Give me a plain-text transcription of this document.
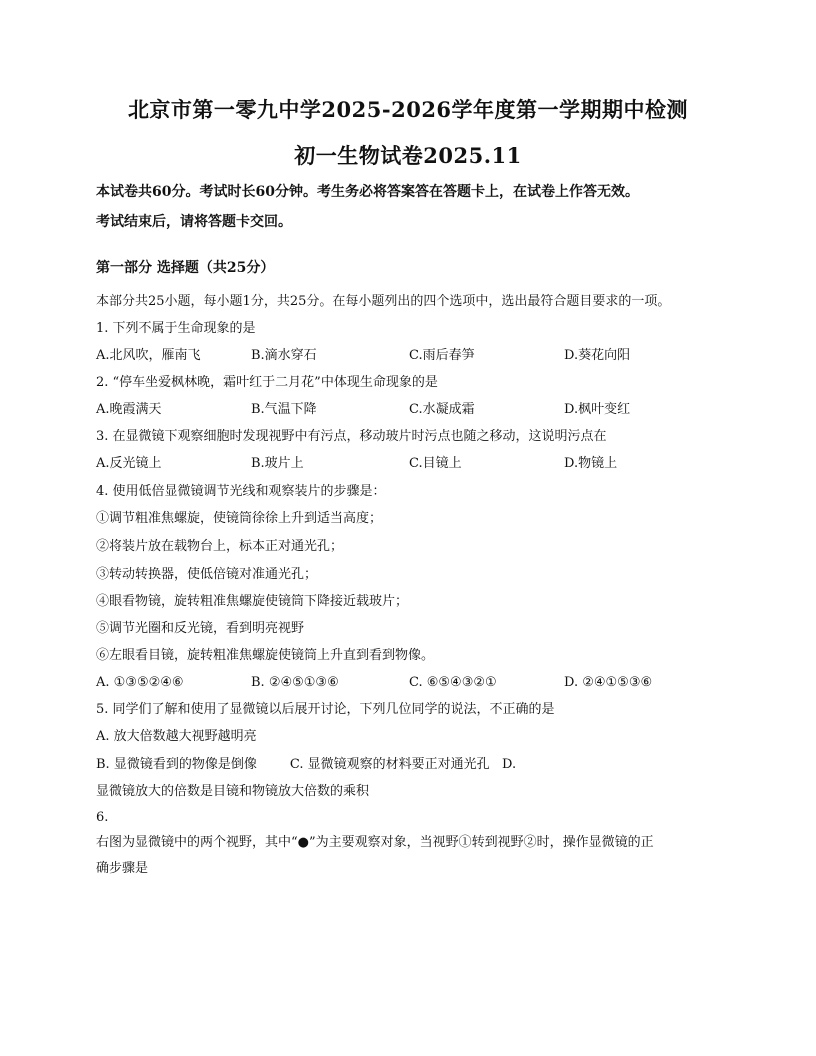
北京市第一零九中学2025-2026学年度第一学期期中检测
初一生物试卷2025.11
本试卷共60分。考试时长60分钟。考生务必将答案答在答题卡上，在试卷上作答无效。
考试结束后，请将答题卡交回。
第一部分 选择题（共25分）
本部分共25小题，每小题1分，共25分。在每小题列出的四个选项中，选出最符合题目要求的一项。
1. 下列不属于生命现象的是
A.北风吹，雁南飞	B.滴水穿石	C.雨后春笋	D.葵花向阳
2. “停车坐爱枫林晚，霜叶红于二月花”中体现生命现象的是
A.晚霞满天	B.气温下降	C.水凝成霜	D.枫叶变红
3. 在显微镜下观察细胞时发现视野中有污点，移动玻片时污点也随之移动，这说明污点在
A.反光镜上	B.玻片上	C.目镜上	D.物镜上
4. 使用低倍显微镜调节光线和观察装片的步骤是：
①调节粗准焦螺旋，使镜筒徐徐上升到适当高度；
②将装片放在载物台上，标本正对通光孔；
③转动转换器，使低倍镜对准通光孔；
④眼看物镜，旋转粗准焦螺旋使镜筒下降接近载玻片；
⑤调节光圈和反光镜，看到明亮视野
⑥左眼看目镜，旋转粗准焦螺旋使镜筒上升直到看到物像。
A. ①③⑤②④⑥	B. ②④⑤①③⑥	C. ⑥⑤④③②①	D. ②④①⑤③⑥
5. 同学们了解和使用了显微镜以后展开讨论，下列几位同学的说法，不正确的是
A. 放大倍数越大视野越明亮
B. 显微镜看到的物像是倒像        C. 显微镜观察的材料要正对通光孔   D.
显微镜放大的倍数是目镜和物镜放大倍数的乘积
6.
右图为显微镜中的两个视野，其中“●”为主要观察对象，当视野①转到视野②时，操作显微镜的正
确步骤是
